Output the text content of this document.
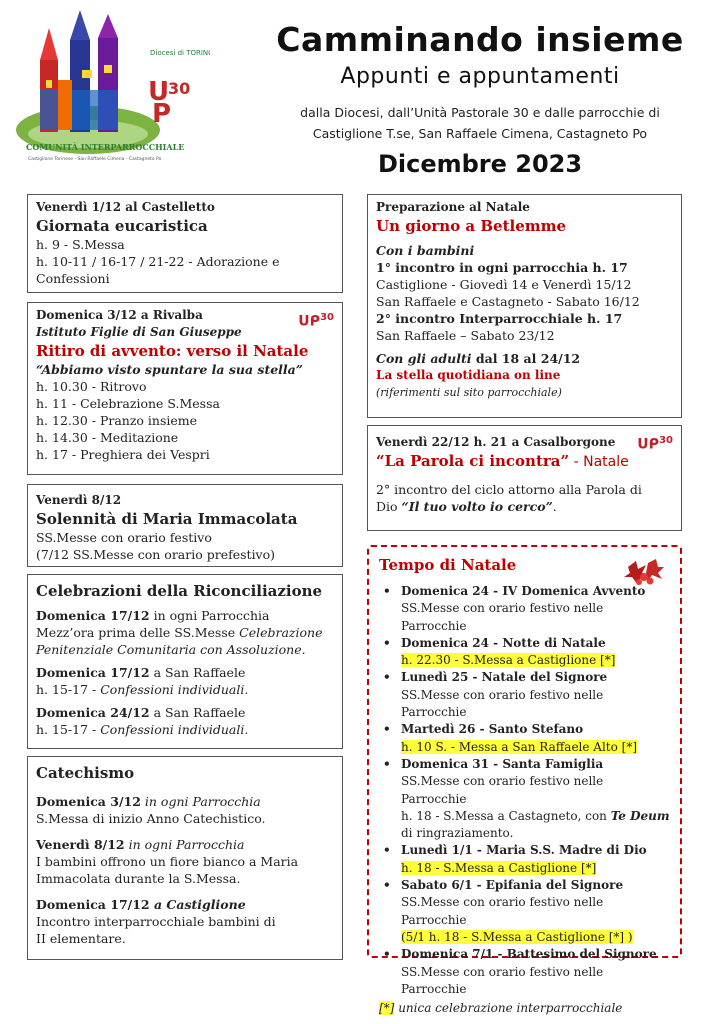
Diocesi di TORINO
U
30
P
COMUNITÀ INTERPARROCCHIALE
Castiglione Torinese - San Raffaele Cimena - Castagneto Po
Camminando insieme
Appunti e appuntamenti
dalla Diocesi, dall’Unità Pastorale 30 e dalle parrocchie di
Castiglione T.se, San Raffaele Cimena, Castagneto Po
Dicembre 2023
Venerdì 1/12 al Castelletto
Giornata eucaristica
h. 9 - S.Messa
h. 10-11 / 16-17 / 21-22 - Adorazione e
Confessioni
ᑌᑭ$^{30}$
Domenica 3/12 a Rivalba
Istituto Figlie di San Giuseppe
Ritiro di avvento: verso il Natale
“Abbiamo visto spuntare la sua stella”
h. 10.30 - Ritrovo
h. 11 - Celebrazione S.Messa
h. 12.30 - Pranzo insieme
h. 14.30 - Meditazione
h. 17 - Preghiera dei Vespri
Venerdì 8/12
Solennità di Maria Immacolata
SS.Messe con orario festivo
(7/12 SS.Messe con orario prefestivo)
Celebrazioni della Riconciliazione
Domenica 17/12 in ogni Parrocchia
Mezz’ora prima delle SS.Messe Celebrazione
Penitenziale Comunitaria con Assoluzione.
Domenica 17/12 a San Raffaele
h. 15-17 - Confessioni individuali.
Domenica 24/12 a San Raffaele
h. 15-17 - Confessioni individuali.
Catechismo
Domenica 3/12 in ogni Parrocchia
S.Messa di inizio Anno Catechistico.
Venerdì 8/12 in ogni Parrocchia
I bambini offrono un fiore bianco a Maria
Immacolata durante la S.Messa.
Domenica 17/12 a Castiglione
Incontro interparrocchiale bambini di
II elementare.
Preparazione al Natale
Un giorno a Betlemme
Con i bambini
1° incontro in ogni parrocchia h. 17
Castiglione - Giovedì 14 e Venerdì 15/12
San Raffaele e Castagneto - Sabato 16/12
2° incontro Interparrocchiale h. 17
San Raffaele – Sabato 23/12
Con gli adulti dal 18 al 24/12
La stella quotidiana on line
(riferimenti sul sito parrocchiale)
ᑌᑭ$^{30}$
Venerdì 22/12 h. 21 a Casalborgone
“La Parola ci incontra” - Natale
2° incontro del ciclo attorno alla Parola di
Dio “Il tuo volto io cerco”.
Tempo di Natale
• Domenica 24 - IV Domenica Avvento
SS.Messe con orario festivo nelle Parrocchie
• Domenica 24 - Notte di Natale
h. 22.30 - S.Messa a Castiglione [*]
• Lunedì 25 - Natale del Signore
SS.Messe con orario festivo nelle Parrocchie
• Martedì 26 - Santo Stefano
h. 10 S. - Messa a San Raffaele Alto [*]
• Domenica 31 - Santa Famiglia
SS.Messe con orario festivo nelle Parrocchie
h. 18 - S.Messa a Castagneto, con Te Deum
di ringraziamento.
• Lunedì 1/1 - Maria S.S. Madre di Dio
h. 18 - S.Messa a Castiglione [*]
• Sabato 6/1 - Epifania del Signore
SS.Messe con orario festivo nelle Parrocchie
(5/1 h. 18 - S.Messa a Castiglione [*] )
• Domenica 7/1 - Battesimo del Signore
SS.Messe con orario festivo nelle Parrocchie
[*] unica celebrazione interparrocchiale
